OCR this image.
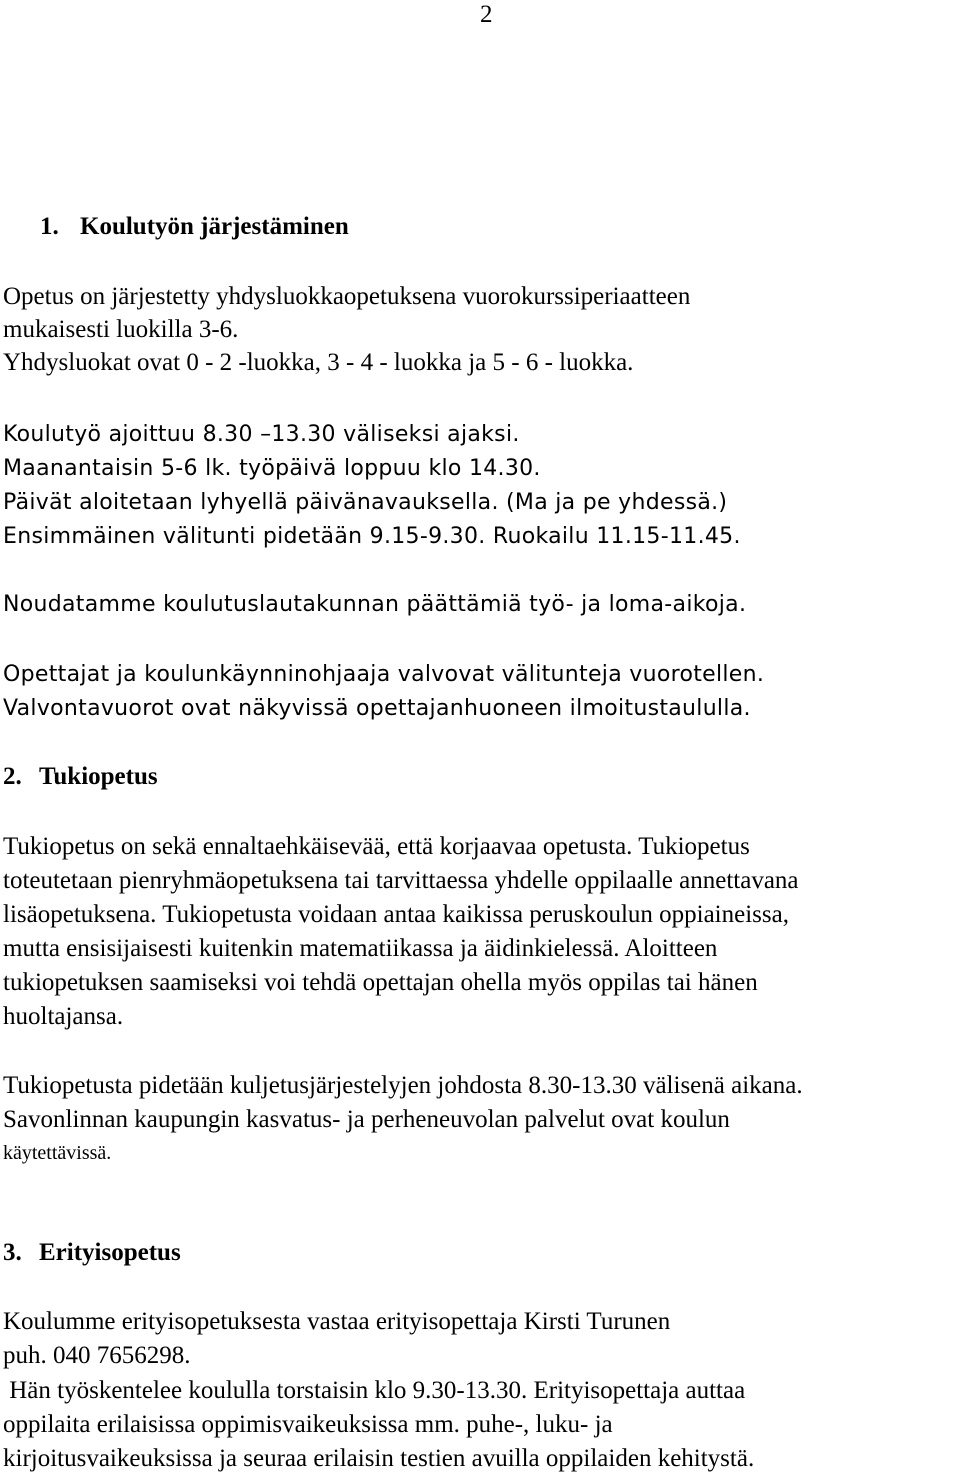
2
1. Koulutyön järjestäminen
Opetus on järjestetty yhdysluokkaopetuksena vuorokurssiperiaatteen
mukaisesti luokilla 3-6.
Yhdysluokat ovat 0 - 2 -luokka, 3 - 4 - luokka ja 5 - 6 - luokka.
Koulutyö ajoittuu 8.30 –13.30 väliseksi ajaksi.
Maanantaisin 5-6 lk. työpäivä loppuu klo 14.30.
Päivät aloitetaan lyhyellä päivänavauksella. (Ma ja pe yhdessä.)
Ensimmäinen välitunti pidetään 9.15-9.30. Ruokailu 11.15-11.45.
Noudatamme koulutuslautakunnan päättämiä työ- ja loma-aikoja.
Opettajat ja koulunkäynninohjaaja valvovat välitunteja vuorotellen.
Valvontavuorot ovat näkyvissä opettajanhuoneen ilmoitustaululla.
2. Tukiopetus
Tukiopetus on sekä ennaltaehkäisevää, että korjaavaa opetusta. Tukiopetus
toteutetaan pienryhmäopetuksena tai tarvittaessa yhdelle oppilaalle annettavana
lisäopetuksena. Tukiopetusta voidaan antaa kaikissa peruskoulun oppiaineissa,
mutta ensisijaisesti kuitenkin matematiikassa ja äidinkielessä. Aloitteen
tukiopetuksen saamiseksi voi tehdä opettajan ohella myös oppilas tai hänen
huoltajansa.
Tukiopetusta pidetään kuljetusjärjestelyjen johdosta 8.30-13.30 välisenä aikana.
Savonlinnan kaupungin kasvatus- ja perheneuvolan palvelut ovat koulun
käytettävissä.
3. Erityisopetus
Koulumme erityisopetuksesta vastaa erityisopettaja Kirsti Turunen
puh. 040 7656298.
Hän työskentelee koululla torstaisin klo 9.30-13.30. Erityisopettaja auttaa
oppilaita erilaisissa oppimisvaikeuksissa mm. puhe-, luku- ja
kirjoitusvaikeuksissa ja seuraa erilaisin testien avuilla oppilaiden kehitystä.
